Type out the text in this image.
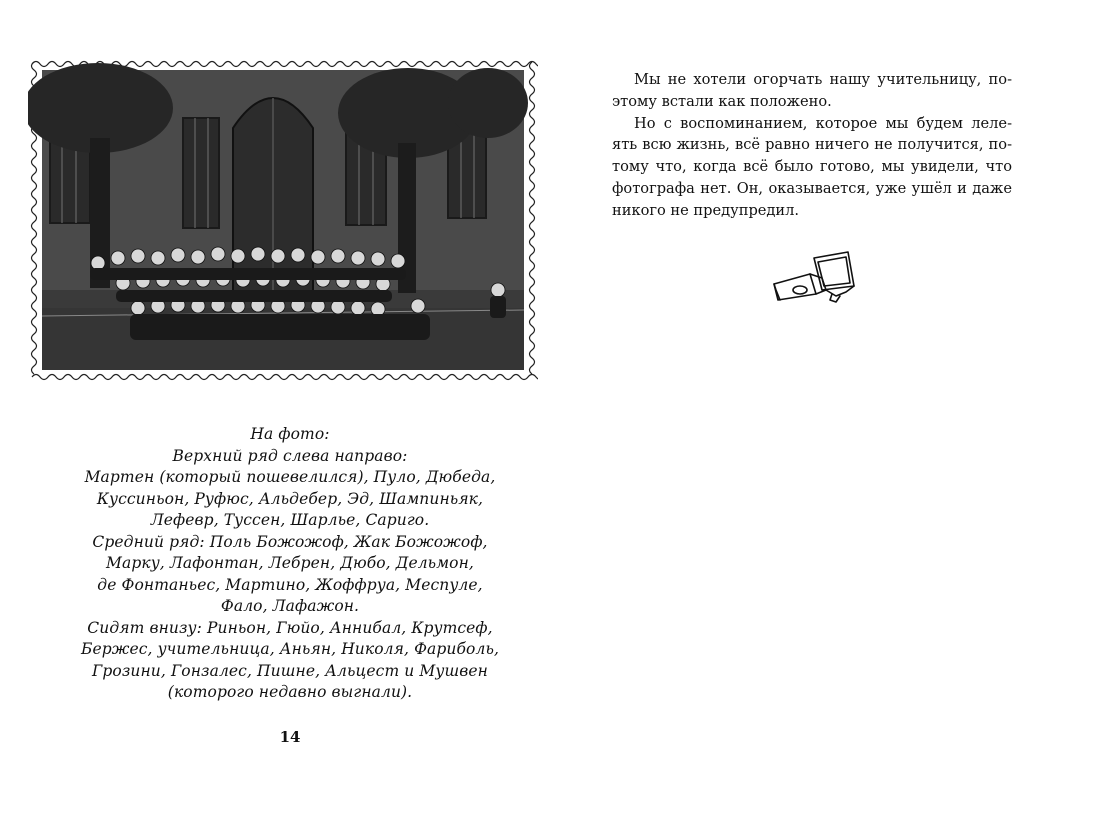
На фото:
Верхний ряд слева направо:
Мартен (который пошевелился), Пуло, Дюбеда,
Куссиньон, Руфюс, Альдебер, Эд, Шампиньяк,
Лефевр, Туссен, Шарлье, Сариго.
Средний ряд: Поль Божожоф, Жак Божожоф,
Марку, Лафонтан, Лебрен, Дюбо, Дельмон,
де Фонтаньес, Мартино, Жоффруа, Меспуле,
Фало, Лафажон.
Сидят внизу: Риньон, Гюйо, Аннибал, Крутсеф,
Бержес, учительница, Аньян, Николя, Фариболь,
Грозини, Гонзалес, Пишне, Альцест и Мушвен
(которого недавно выгнали).
14
Мы не хотели огорчать нашу учительницу, по-
этому встали как положено.
Но с воспоминанием, которое мы будем леле-
ять всю жизнь, всё равно ничего не получится, по-
тому что, когда всё было готово, мы увидели, что
фотографа нет. Он, оказывается, уже ушёл и даже
никого не предупредил.
